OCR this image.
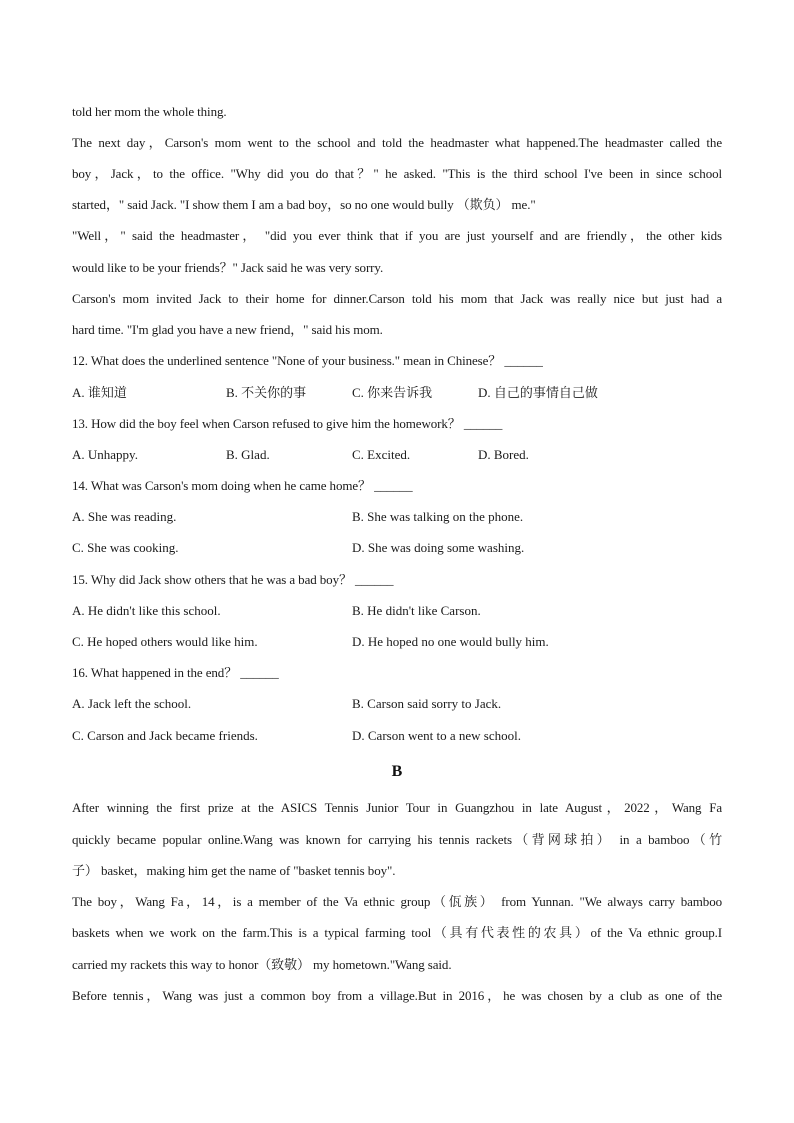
told her mom the whole thing.
The next day，Carson's mom went to the school and told the headmaster what happened.The headmaster called the
boy，Jack，to the office. "Why did you do that？" he asked. "This is the third school I've been in since school
started，" said Jack. "I show them I am a bad boy，so no one would bully （欺负） me."
"Well，" said the headmaster， "did you ever think that if you are just yourself and are friendly，the other kids
would like to be your friends？" Jack said he was very sorry.
Carson's mom invited Jack to their home for dinner.Carson told his mom that Jack was really nice but just had a
hard time. "I'm glad you have a new friend，" said his mom.
12. What does the underlined sentence "None of your business." mean in Chinese？ ______
A. 谁知道	B. 不关你的事	C. 你来告诉我	D. 自己的事情自己做
13. How did the boy feel when Carson refused to give him the homework？ ______
A. Unhappy.	B. Glad.	C. Excited.	D. Bored.
14. What was Carson's mom doing when he came home？ ______
A. She was reading.	B. She was talking on the phone.
C. She was cooking.	D. She was doing some washing.
15. Why did Jack show others that he was a bad boy？ ______
A. He didn't like this school.	B. He didn't like Carson.
C. He hoped others would like him.	D. He hoped no one would bully him.
16. What happened in the end？ ______
A. Jack left the school.	B. Carson said sorry to Jack.
C. Carson and Jack became friends.	D. Carson went to a new school.
B
After winning the first prize at the ASICS Tennis Junior Tour in Guangzhou in late August，2022，Wang Fa
quickly became popular online.Wang was known for carrying his tennis rackets（背网球拍） in a bamboo（竹
子） basket，making him get the name of "basket tennis boy".
The boy，Wang Fa，14，is a member of the Va ethnic group（佤族） from Yunnan. "We always carry bamboo
baskets when we work on the farm.This is a typical farming tool（具有代表性的农具）of the Va ethnic group.I
carried my rackets this way to honor（致敬） my hometown."Wang said.
Before tennis，Wang was just a common boy from a village.But in 2016，he was chosen by a club as one of the
